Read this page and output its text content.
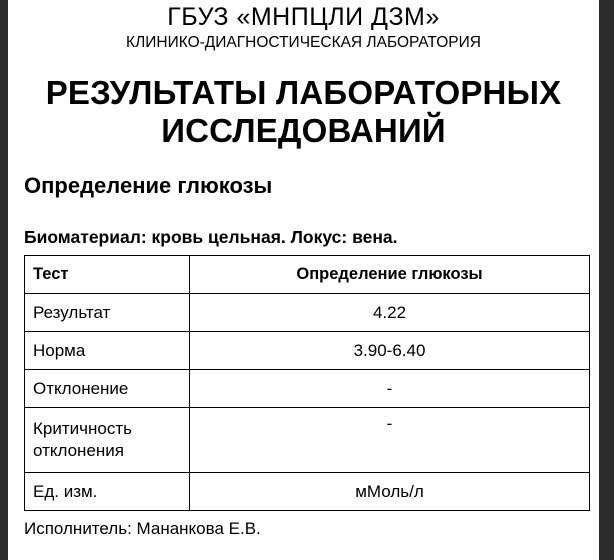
ГБУЗ «МНПЦЛИ ДЗМ»
КЛИНИКО-ДИАГНОСТИЧЕСКАЯ ЛАБОРАТОРИЯ
РЕЗУЛЬТАТЫ ЛАБОРАТОРНЫХ
ИССЛЕДОВАНИЙ
Определение глюкозы
Биоматериал: кровь цельная. Локус: вена.
Тест	Определение глюкозы
Результат	4.22
Норма	3.90-6.40
Отклонение	-

Критичность
отклонения	-
Ед. изм.	мМоль/л
Исполнитель: Мананкова Е.В.
